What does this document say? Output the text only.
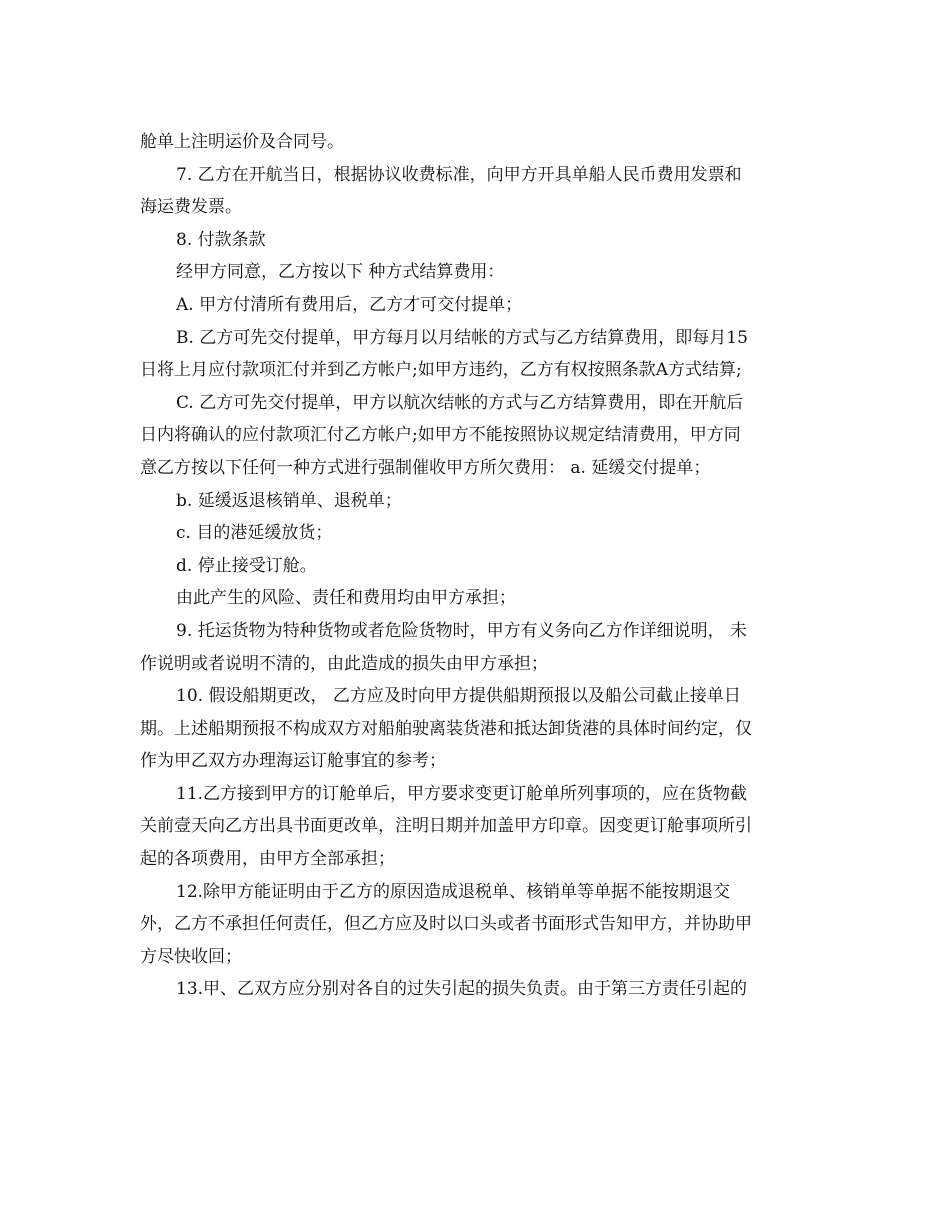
舱单上注明运价及合同号。
7. 乙方在开航当日，根据协议收费标准，向甲方开具单船人民币费用发票和
海运费发票。
8. 付款条款
经甲方同意，乙方按以下 种方式结算费用：
A. 甲方付清所有费用后，乙方才可交付提单；
B. 乙方可先交付提单，甲方每月以月结帐的方式与乙方结算费用，即每月15
日将上月应付款项汇付并到乙方帐户;如甲方违约，乙方有权按照条款A方式结算;
C. 乙方可先交付提单，甲方以航次结帐的方式与乙方结算费用，即在开航后
日内将确认的应付款项汇付乙方帐户;如甲方不能按照协议规定结清费用，甲方同
意乙方按以下任何一种方式进行强制催收甲方所欠费用： a. 延缓交付提单；
b. 延缓返退核销单、退税单；
c. 目的港延缓放货；
d. 停止接受订舱。
由此产生的风险、责任和费用均由甲方承担；
9. 托运货物为特种货物或者危险货物时，甲方有义务向乙方作详细说明， 未
作说明或者说明不清的，由此造成的损失由甲方承担；
10. 假设船期更改， 乙方应及时向甲方提供船期预报以及船公司截止接单日
期。上述船期预报不构成双方对船舶驶离装货港和抵达卸货港的具体时间约定，仅
作为甲乙双方办理海运订舱事宜的参考；
11.乙方接到甲方的订舱单后，甲方要求变更订舱单所列事项的，应在货物截
关前壹天向乙方出具书面更改单，注明日期并加盖甲方印章。因变更订舱事项所引
起的各项费用，由甲方全部承担；
12.除甲方能证明由于乙方的原因造成退税单、核销单等单据不能按期退交
外，乙方不承担任何责任，但乙方应及时以口头或者书面形式告知甲方，并协助甲
方尽快收回；
13.甲、乙双方应分别对各自的过失引起的损失负责。由于第三方责任引起的
